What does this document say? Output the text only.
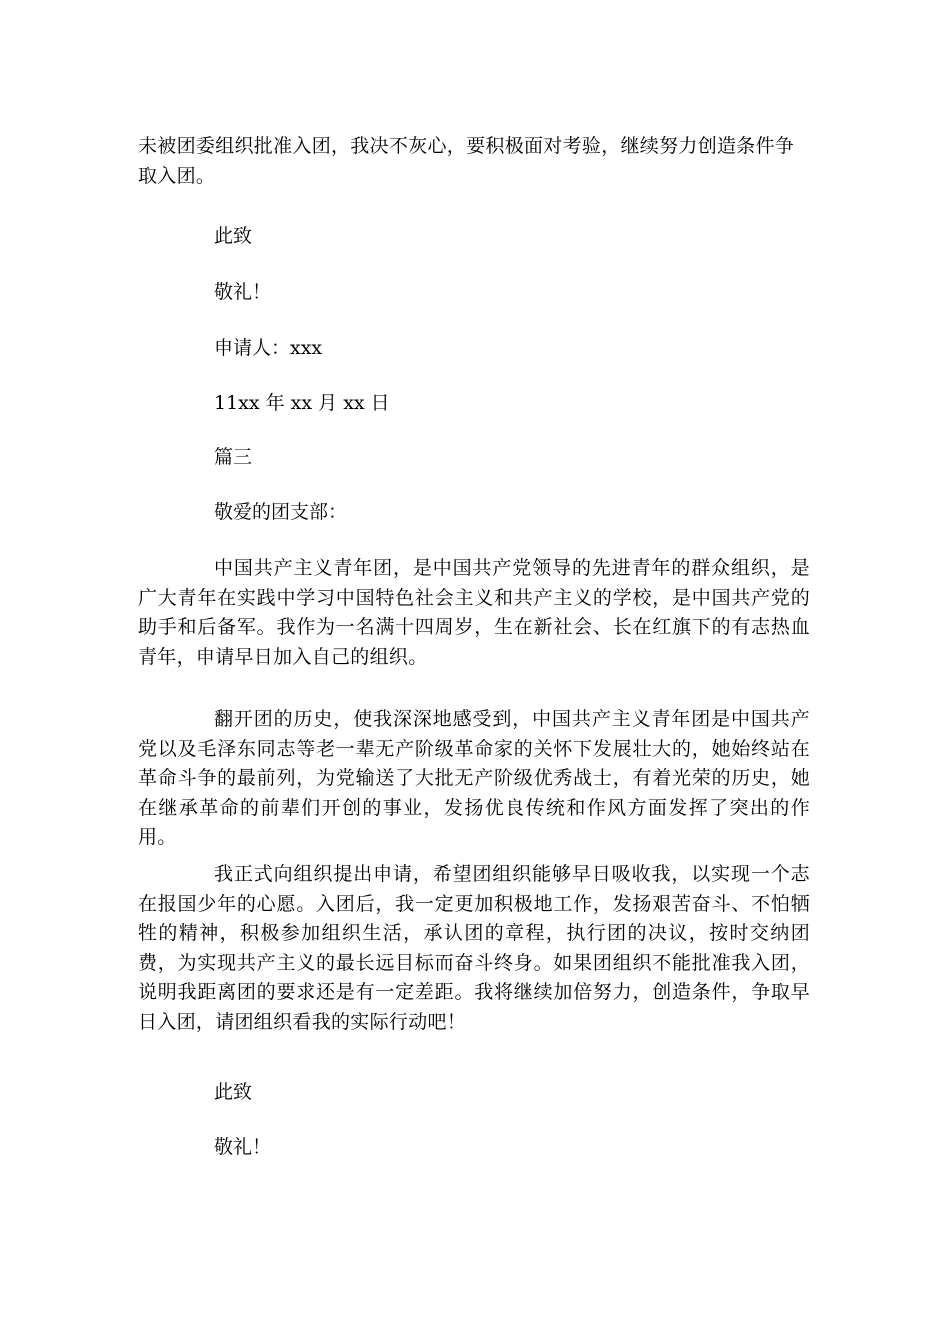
未被团委组织批准入团，我决不灰心，要积极面对考验，继续努力创造条件争取入团。

此致

敬礼！

申请人：xxx

11xx 年 xx 月 xx 日

篇三

敬爱的团支部：

中国共产主义青年团，是中国共产党领导的先进青年的群众组织，是广大青年在实践中学习中国特色社会主义和共产主义的学校，是中国共产党的助手和后备军。我作为一名满十四周岁，生在新社会、长在红旗下的有志热血青年，申请早日加入自己的组织。

翻开团的历史，使我深深地感受到，中国共产主义青年团是中国共产党以及毛泽东同志等老一辈无产阶级革命家的关怀下发展壮大的，她始终站在革命斗争的最前列，为党输送了大批无产阶级优秀战士，有着光荣的历史，她在继承革命的前辈们开创的事业，发扬优良传统和作风方面发挥了突出的作用。

我正式向组织提出申请，希望团组织能够早日吸收我，以实现一个志在报国少年的心愿。入团后，我一定更加积极地工作，发扬艰苦奋斗、不怕牺牲的精神，积极参加组织生活，承认团的章程，执行团的决议，按时交纳团费，为实现共产主义的最长远目标而奋斗终身。如果团组织不能批准我入团，说明我距离团的要求还是有一定差距。我将继续加倍努力，创造条件，争取早日入团，请团组织看我的实际行动吧！

此致

敬礼！
